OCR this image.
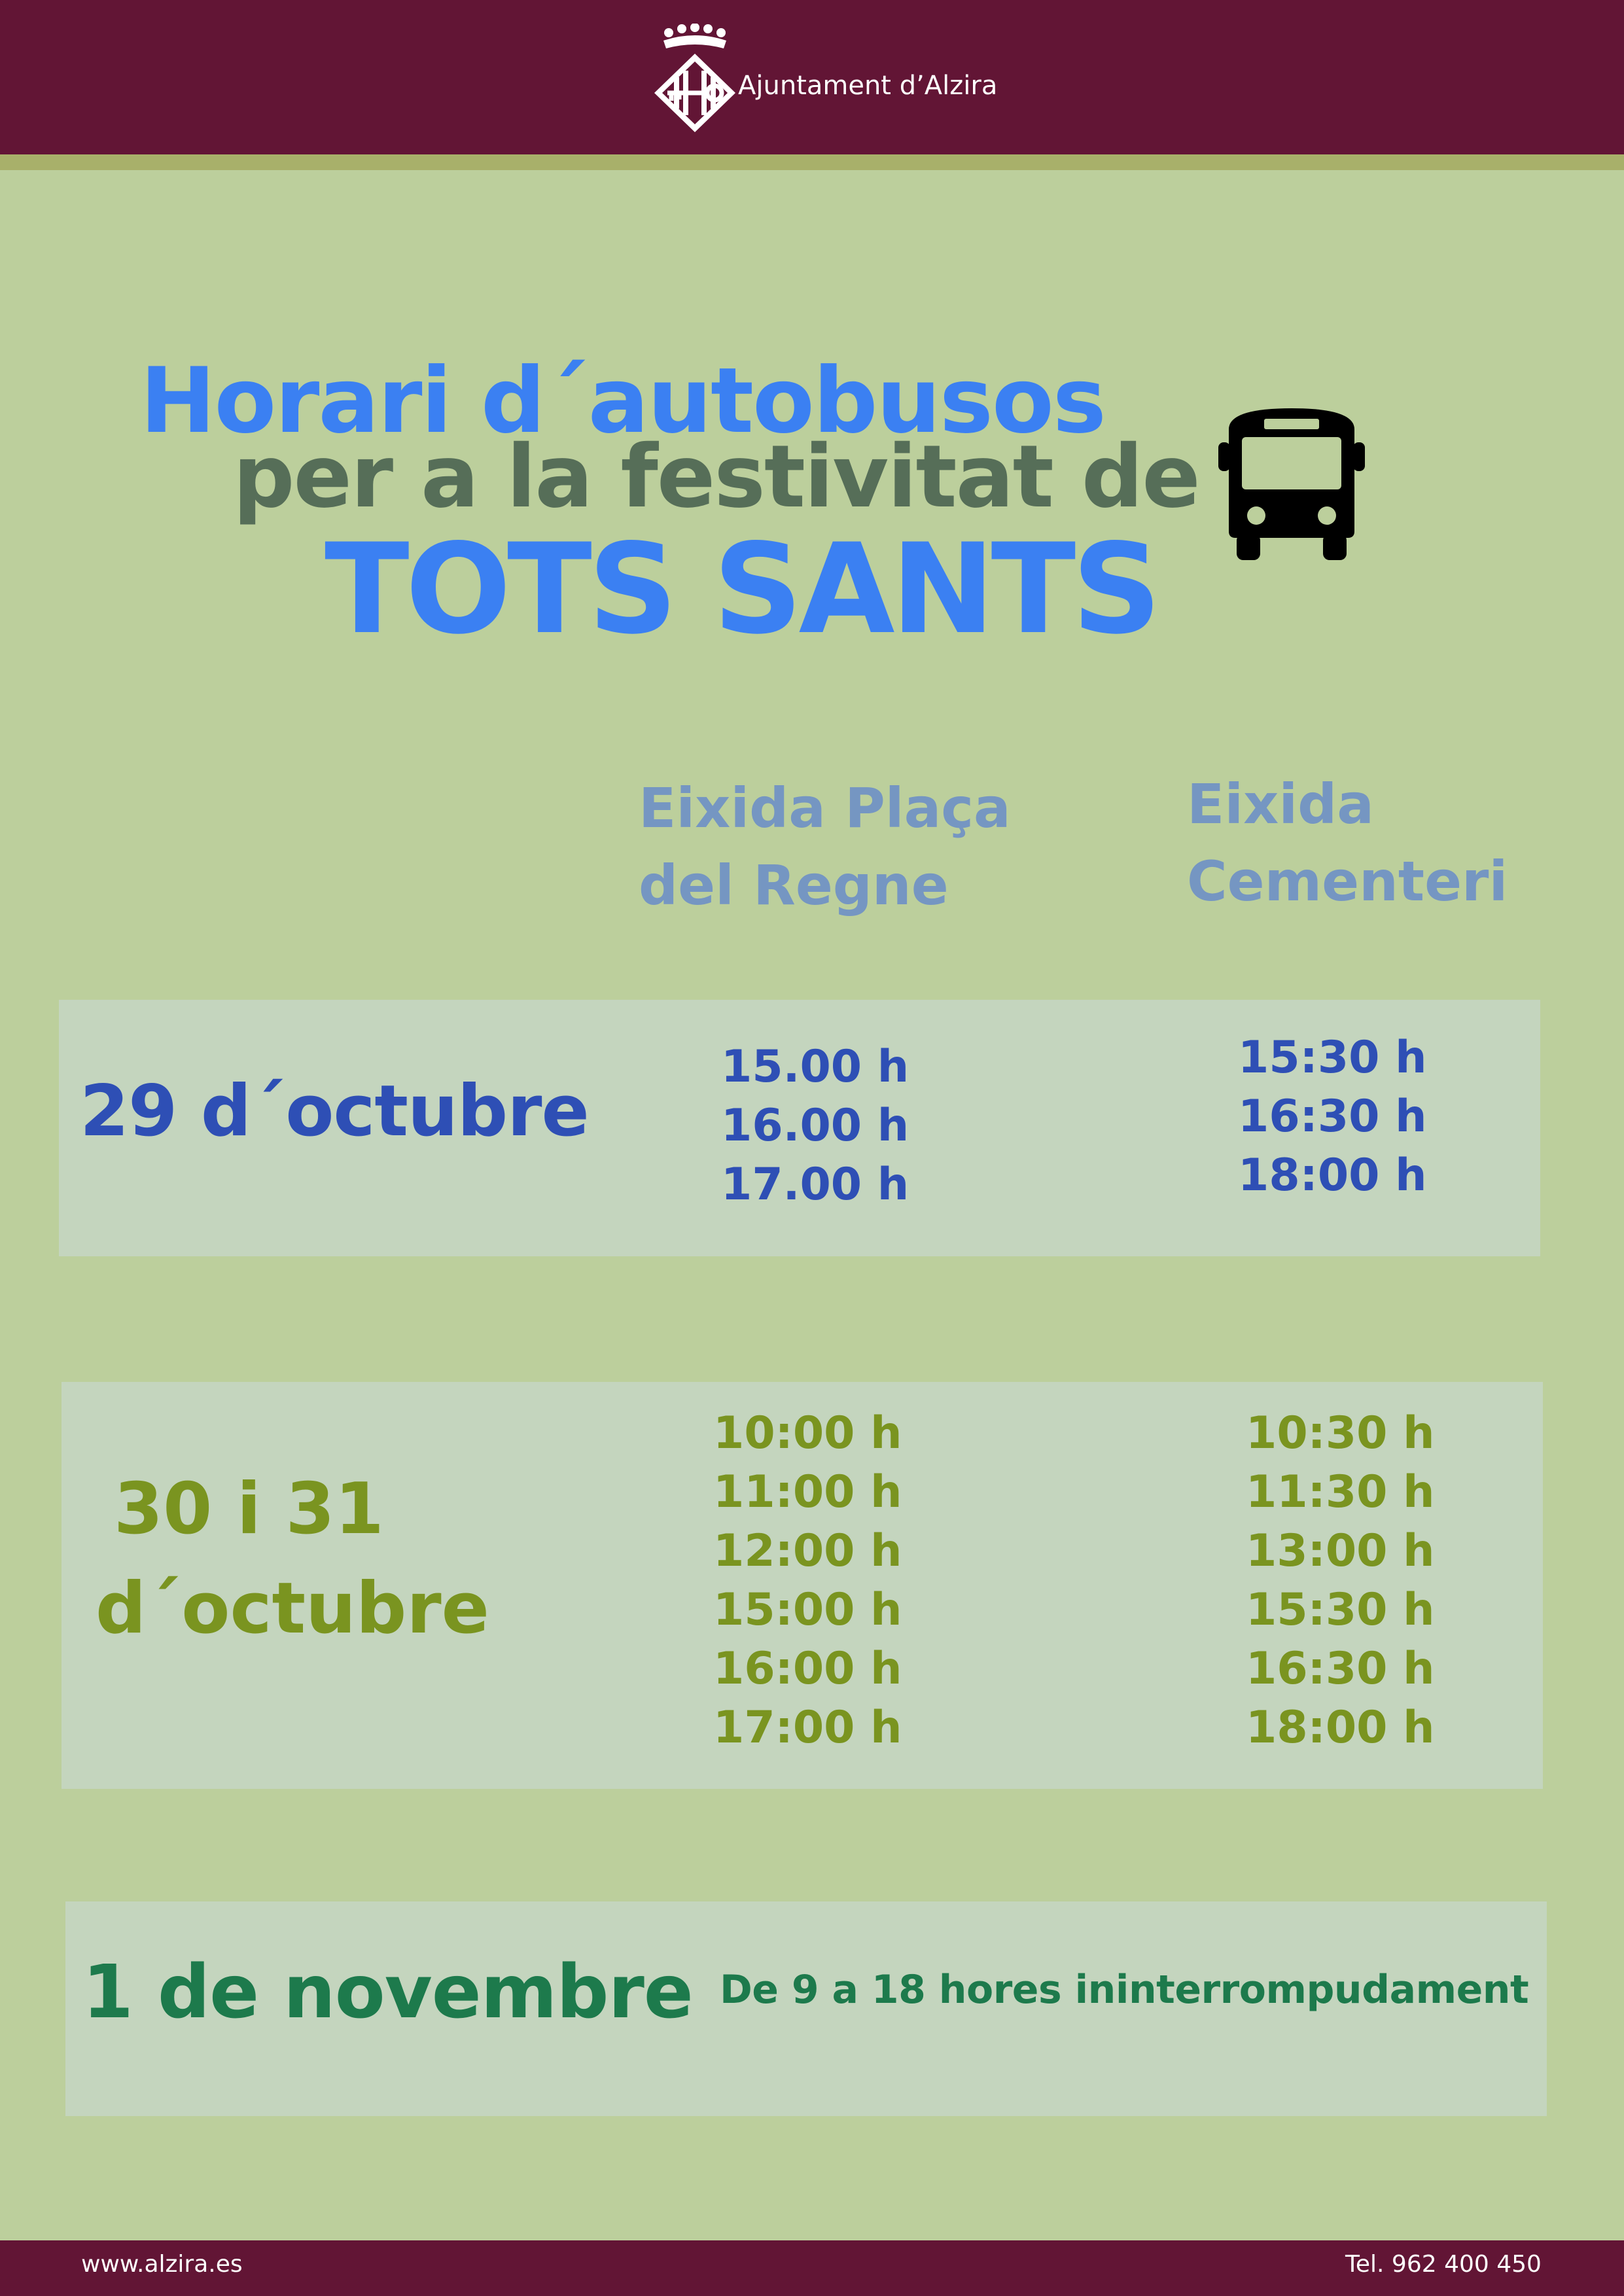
Ajuntament d’Alzira
Horari d´autobusos
per a la festivitat de
TOTS SANTS
Eixida Plaça
del Regne
Eixida
Cementeri
29 d´octubre
15.00 h
16.00 h
17.00 h
15:30 h
16:30 h
18:00 h
30 i 31
d´octubre
10:00 h
11:00 h
12:00 h
15:00 h
16:00 h
17:00 h
10:30 h
11:30 h
13:00 h
15:30 h
16:30 h
18:00 h
1 de novembre De 9 a 18 hores ininterrompudament
www.alzira.es	Tel. 962 400 450
